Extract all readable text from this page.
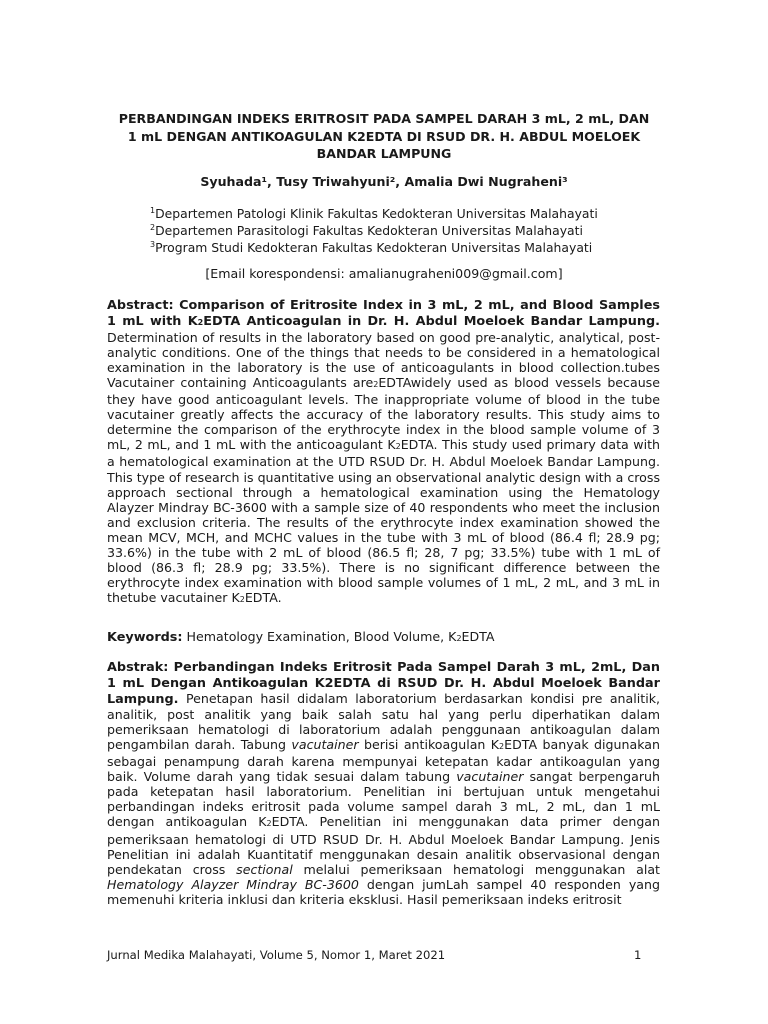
PERBANDINGAN INDEKS ERITROSIT PADA SAMPEL DARAH 3 mL, 2 mL, DAN
1 mL DENGAN ANTIKOAGULAN K2EDTA DI RSUD DR. H. ABDUL MOELOEK
BANDAR LAMPUNG
Syuhada¹, Tusy Triwahyuni², Amalia Dwi Nugraheni³
$^1$Departemen Patologi Klinik Fakultas Kedokteran Universitas Malahayati
$^2$Departemen Parasitologi Fakultas Kedokteran Universitas Malahayati
$^3$Program Studi Kedokteran Fakultas Kedokteran Universitas Malahayati
[Email korespondensi: amalianugraheni009@gmail.com]
Abstract: Comparison of Eritrosite Index in 3 mL, 2 mL, and Blood Samples 1 mL with K2EDTA Anticoagulan in Dr. H. Abdul Moeloek Bandar Lampung. Determination of results in the laboratory based on good pre-analytic, analytical, post-analytic conditions. One of the things that needs to be considered in a hematological examination in the laboratory is the use of anticoagulants in blood collection.tubes Vacutainer containing Anticoagulants are2EDTAwidely used as blood vessels because they have good anticoagulant levels. The inappropriate volume of blood in the tube vacutainer greatly affects the accuracy of the laboratory results. This study aims to determine the comparison of the erythrocyte index in the blood sample volume of 3 mL, 2 mL, and 1 mL with the anticoagulant K2EDTA. This study used primary data with a hematological examination at the UTD RSUD Dr. H. Abdul Moeloek Bandar Lampung. This type of research is quantitative using an observational analytic design with a cross approach sectional through a hematological examination using the Hematology Alayzer Mindray BC-3600 with a sample size of 40 respondents who meet the inclusion and exclusion criteria. The results of the erythrocyte index examination showed the mean MCV, MCH, and MCHC values in the tube with 3 mL of blood (86.4 fl; 28.9 pg; 33.6%) in the tube with 2 mL of blood (86.5 fl; 28, 7 pg; 33.5%) tube with 1 mL of blood (86.3 fl; 28.9 pg; 33.5%). There is no significant difference between the erythrocyte index examination with blood sample volumes of 1 mL, 2 mL, and 3 mL in thetube vacutainer K2EDTA.
Keywords: Hematology Examination, Blood Volume, K2EDTA
Abstrak: Perbandingan Indeks Eritrosit Pada Sampel Darah 3 mL, 2mL, Dan 1 mL Dengan Antikoagulan K2EDTA di RSUD Dr. H. Abdul Moeloek Bandar Lampung. Penetapan hasil didalam laboratorium berdasarkan kondisi pre analitik, analitik, post analitik yang baik salah satu hal yang perlu diperhatikan dalam pemeriksaan hematologi di laboratorium adalah penggunaan antikoagulan dalam pengambilan darah. Tabung vacutainer berisi antikoagulan K2EDTA banyak digunakan sebagai penampung darah karena mempunyai ketepatan kadar antikoagulan yang baik. Volume darah yang tidak sesuai dalam tabung vacutainer sangat berpengaruh pada ketepatan hasil laboratorium. Penelitian ini bertujuan untuk mengetahui perbandingan indeks eritrosit pada volume sampel darah 3 mL, 2 mL, dan 1 mL dengan antikoagulan K2EDTA. Penelitian ini menggunakan data primer dengan pemeriksaan hematologi di UTD RSUD Dr. H. Abdul Moeloek Bandar Lampung. Jenis Penelitian ini adalah Kuantitatif menggunakan desain analitik observasional dengan pendekatan cross sectional melalui pemeriksaan hematologi menggunakan alat Hematology Alayzer Mindray BC-3600 dengan jumLah sampel 40 responden yang memenuhi kriteria inklusi dan kriteria eksklusi. Hasil pemeriksaan indeks eritrosit
Jurnal Medika Malahayati, Volume 5, Nomor 1, Maret 2021	1
